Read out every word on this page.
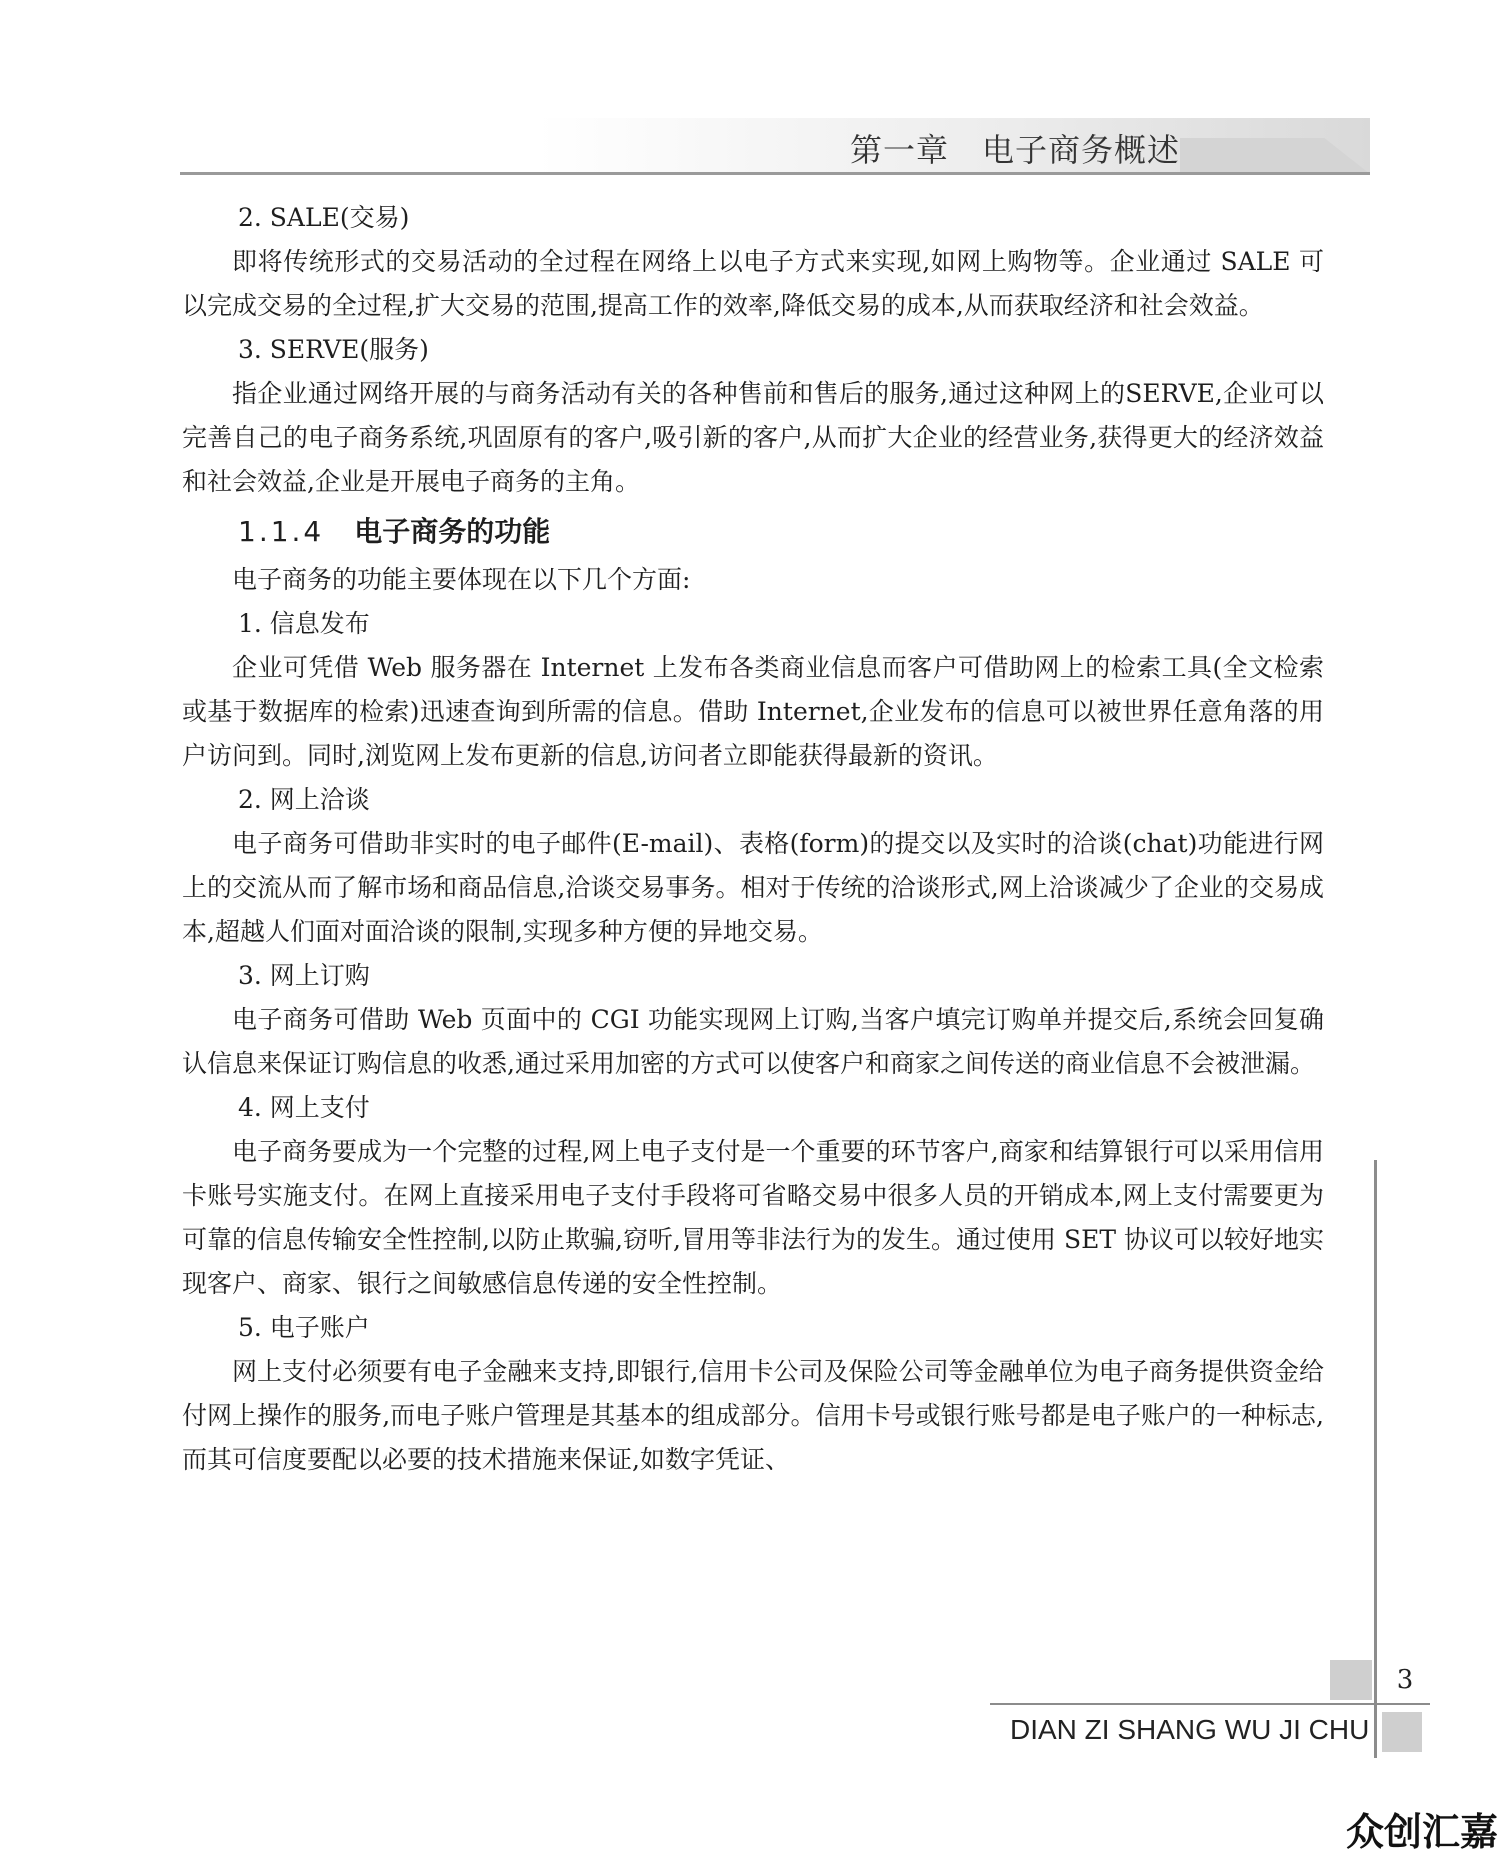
第一章　电子商务概述

2. SALE(交易)

即将传统形式的交易活动的全过程在网络上以电子方式来实现,如网上购物等。企业通过 SALE 可以完成交易的全过程,扩大交易的范围,提高工作的效率,降低交易的成本,从而获取经济和社会效益。

3. SERVE(服务)

指企业通过网络开展的与商务活动有关的各种售前和售后的服务,通过这种网上的SERVE,企业可以完善自己的电子商务系统,巩固原有的客户,吸引新的客户,从而扩大企业的经营业务,获得更大的经济效益和社会效益,企业是开展电子商务的主角。

1.1.4 电子商务的功能

电子商务的功能主要体现在以下几个方面:

1. 信息发布

企业可凭借 Web 服务器在 Internet 上发布各类商业信息而客户可借助网上的检索工具(全文检索或基于数据库的检索)迅速查询到所需的信息。借助 Internet,企业发布的信息可以被世界任意角落的用户访问到。同时,浏览网上发布更新的信息,访问者立即能获得最新的资讯。

2. 网上洽谈

电子商务可借助非实时的电子邮件(E-mail)、表格(form)的提交以及实时的洽谈(chat)功能进行网上的交流从而了解市场和商品信息,洽谈交易事务。相对于传统的洽谈形式,网上洽谈减少了企业的交易成本,超越人们面对面洽谈的限制,实现多种方便的异地交易。

3. 网上订购

电子商务可借助 Web 页面中的 CGI 功能实现网上订购,当客户填完订购单并提交后,系统会回复确认信息来保证订购信息的收悉,通过采用加密的方式可以使客户和商家之间传送的商业信息不会被泄漏。

4. 网上支付

电子商务要成为一个完整的过程,网上电子支付是一个重要的环节客户,商家和结算银行可以采用信用卡账号实施支付。在网上直接采用电子支付手段将可省略交易中很多人员的开销成本,网上支付需要更为可靠的信息传输安全性控制,以防止欺骗,窃听,冒用等非法行为的发生。通过使用 SET 协议可以较好地实现客户、商家、银行之间敏感信息传递的安全性控制。

5. 电子账户

网上支付必须要有电子金融来支持,即银行,信用卡公司及保险公司等金融单位为电子商务提供资金给付网上操作的服务,而电子账户管理是其基本的组成部分。信用卡号或银行账号都是电子账户的一种标志,而其可信度要配以必要的技术措施来保证,如数字凭证、

3
DIAN ZI SHANG WU JI CHU
众创汇嘉
